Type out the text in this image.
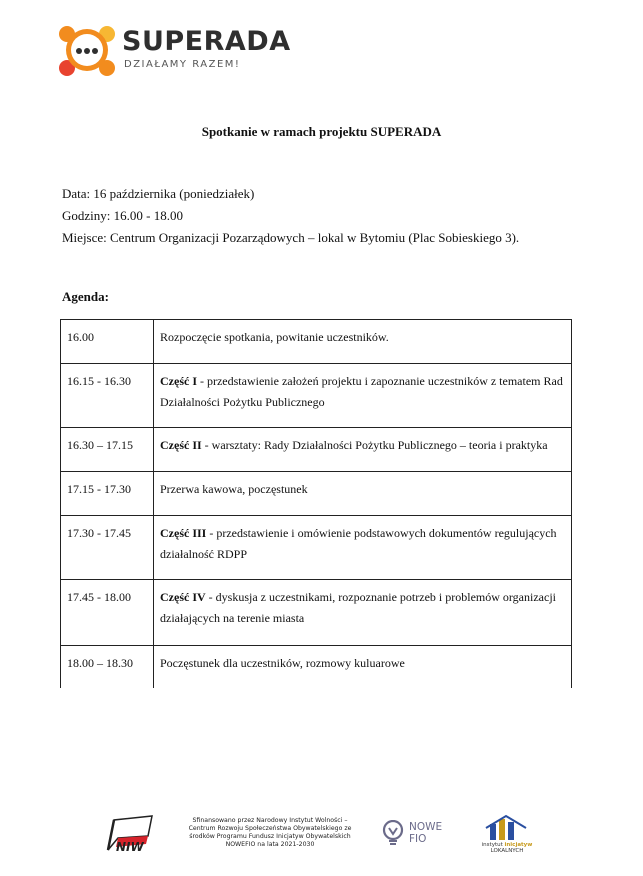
SUPERADA
DZIAŁAMY RAZEM!
Spotkanie w ramach projektu SUPERADA
Data: 16 października (poniedziałek)
Godziny: 16.00 - 18.00
Miejsce: Centrum Organizacji Pozarządowych – lokal w Bytomiu (Plac Sobieskiego 3).
Agenda:
16.00	Rozpoczęcie spotkania, powitanie uczestników.
16.15 - 16.30	Część I - przedstawienie założeń projektu i zapoznanie uczestników z tematem Rad Działalności Pożytku Publicznego
16.30 – 17.15	Część II - warsztaty: Rady Działalności Pożytku Publicznego – teoria i praktyka
17.15 - 17.30	Przerwa kawowa, poczęstunek
17.30 - 17.45	Część III - przedstawienie i omówienie podstawowych dokumentów regulujących działalność RDPP
17.45 - 18.00	Część IV - dyskusja z uczestnikami, rozpoznanie potrzeb i problemów organizacji działających na terenie miasta
18.00 – 18.30	Poczęstunek dla uczestników, rozmowy kuluarowe
NIW
Sfinansowano przez Narodowy Instytut Wolności – Centrum Rozwoju Społeczeństwa Obywatelskiego ze środków Programu Fundusz Inicjatyw Obywatelskich NOWEFIO na lata 2021-2030
NOWE
FIO	instytut inicjatyw
LOKALNYCH
